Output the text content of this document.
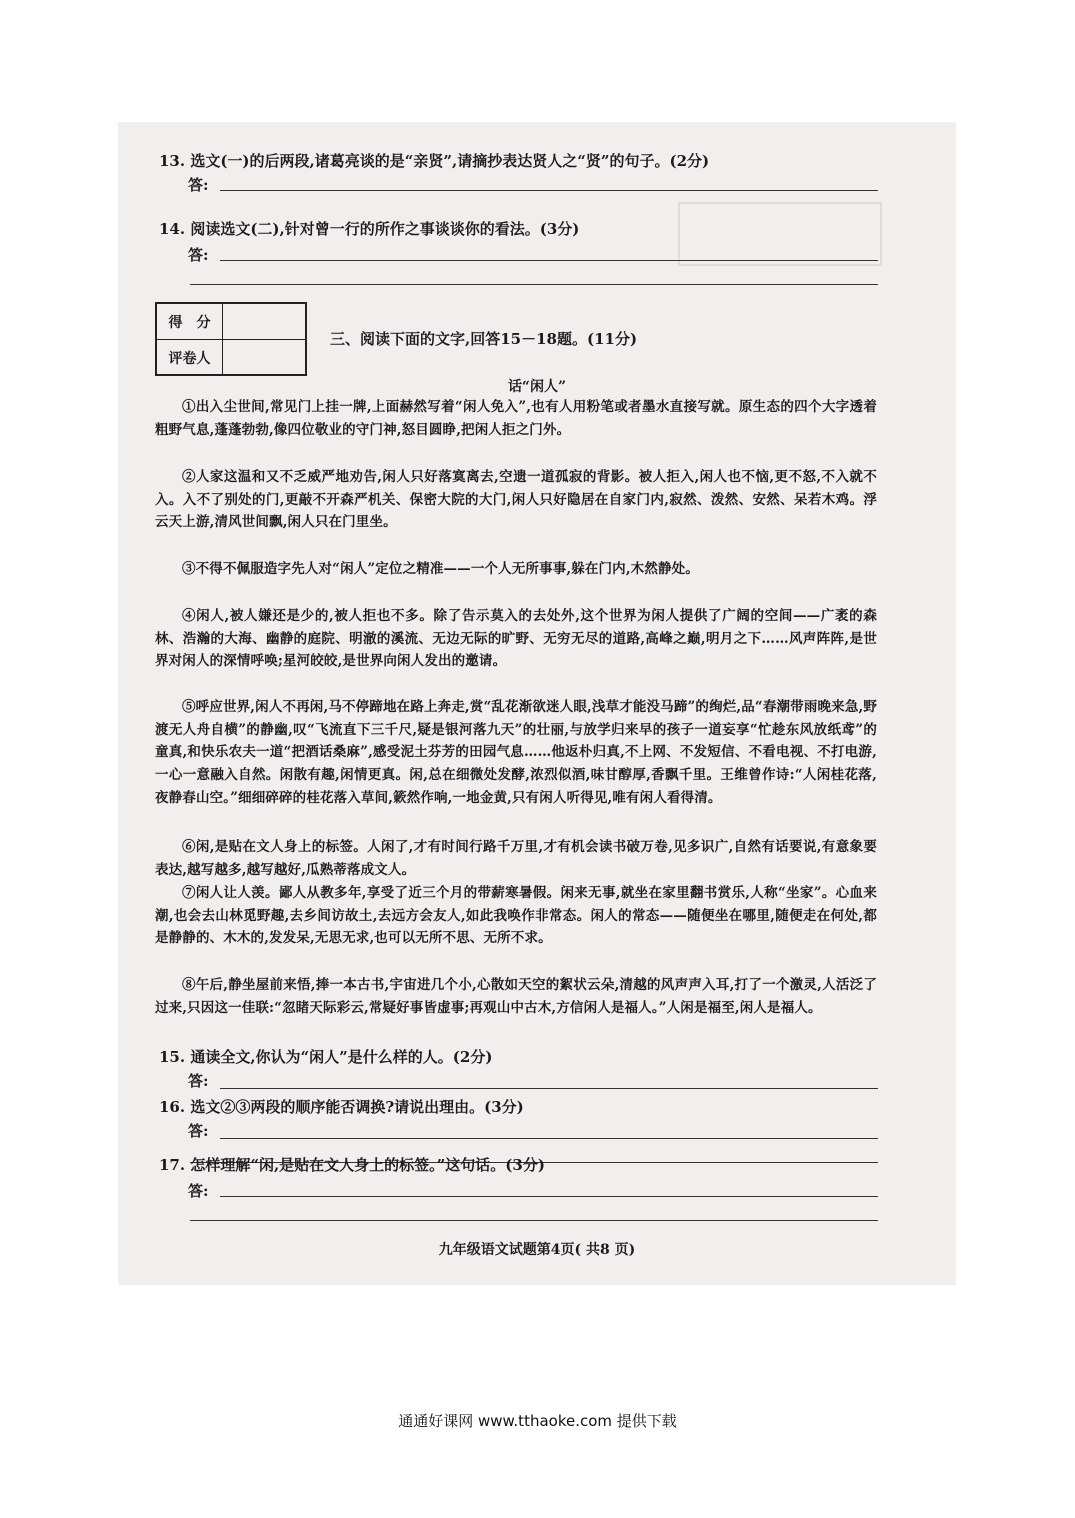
13. 选文(一)的后两段,诸葛亮谈的是“亲贤”,请摘抄表达贤人之“贤”的句子。(2分)
答:
14. 阅读选文(二),针对曾一行的所作之事谈谈你的看法。(3分)
答:
得　分
评卷人
三、阅读下面的文字,回答15－18题。(11分)
话“闲人”
①出入尘世间,常见门上挂一牌,上面赫然写着“闲人免入”,也有人用粉笔或者墨水直接写就。原生态的四个大字透着粗野气息,蓬蓬勃勃,像四位敬业的守门神,怒目圆睁,把闲人拒之门外。
②人家这温和又不乏威严地劝告,闲人只好落寞离去,空遗一道孤寂的背影。被人拒入,闲人也不恼,更不怒,不入就不入。入不了别处的门,更敲不开森严机关、保密大院的大门,闲人只好隐居在自家门内,寂然、泼然、安然、呆若木鸡。浮云天上游,清风世间飘,闲人只在门里坐。
③不得不佩服造字先人对“闲人”定位之精准——一个人无所事事,躲在门内,木然静处。
④闲人,被人嫌还是少的,被人拒也不多。除了告示莫入的去处外,这个世界为闲人提供了广阔的空间——广袤的森林、浩瀚的大海、幽静的庭院、明澈的溪流、无边无际的旷野、无穷无尽的道路,高峰之巅,明月之下……风声阵阵,是世界对闲人的深情呼唤;星河皎皎,是世界向闲人发出的邀请。
⑤呼应世界,闲人不再闲,马不停蹄地在路上奔走,赏“乱花渐欲迷人眼,浅草才能没马蹄”的绚烂,品“春潮带雨晚来急,野渡无人舟自横”的静幽,叹“飞流直下三千尺,疑是银河落九天”的壮丽,与放学归来早的孩子一道妄享“忙趁东风放纸鸢”的童真,和快乐农夫一道“把酒话桑麻”,感受泥土芬芳的田园气息……他返朴归真,不上网、不发短信、不看电视、不打电游,一心一意融入自然。闲散有趣,闲情更真。闲,总在细微处发酵,浓烈似酒,味甘醇厚,香飘千里。王维曾作诗:“人闲桂花落,夜静春山空。”细细碎碎的桂花落入草间,簌然作响,一地金黄,只有闲人听得见,唯有闲人看得清。
⑥闲,是贴在文人身上的标签。人闲了,才有时间行路千万里,才有机会读书破万卷,见多识广,自然有话要说,有意象要表达,越写越多,越写越好,瓜熟蒂落成文人。
⑦闲人让人羡。鄙人从教多年,享受了近三个月的带薪寒暑假。闲来无事,就坐在家里翻书赏乐,人称“坐家”。心血来潮,也会去山林觅野趣,去乡间访故土,去远方会友人,如此我唤作非常态。闲人的常态——随便坐在哪里,随便走在何处,都是静静的、木木的,发发呆,无思无求,也可以无所不思、无所不求。
⑧午后,静坐屋前来悟,捧一本古书,宇宙进几个小,心散如天空的絮状云朵,清越的风声声入耳,打了一个激灵,人活泛了过来,只因这一佳联:“忽睹天际彩云,常疑好事皆虚事;再观山中古木,方信闲人是福人。”人闲是福至,闲人是福人。
15. 通读全文,你认为“闲人”是什么样的人。(2分)
答:
16. 选文②③两段的顺序能否调换?请说出理由。(3分)
答:
17. 怎样理解“闲,是贴在文人身上的标签。”这句话。(3分)
答:
九年级语文试题第4页( 共8 页)
通通好课网 www.tthaoke.com 提供下载
